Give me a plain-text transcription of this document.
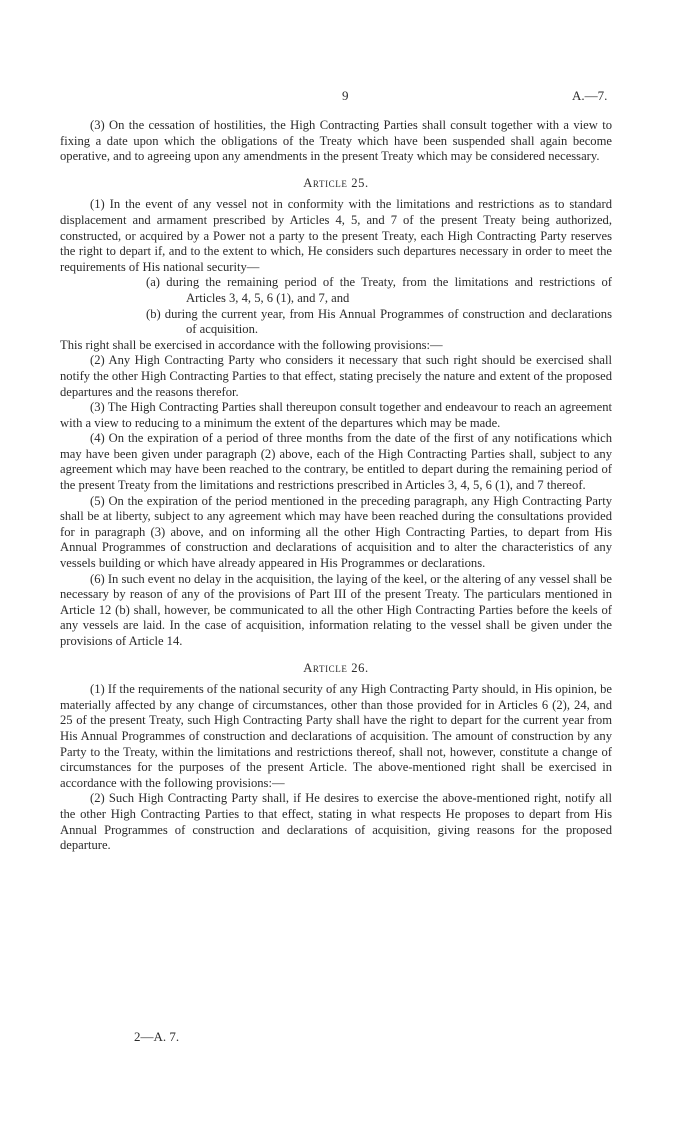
9	A.—7.

(3) On the cessation of hostilities, the High Contracting Parties shall consult together with a view to fixing a date upon which the obligations of the Treaty which have been suspended shall again become operative, and to agreeing upon any amendments in the present Treaty which may be considered necessary.

Article 25.

(1) In the event of any vessel not in conformity with the limitations and restrictions as to standard displacement and armament prescribed by Articles 4, 5, and 7 of the present Treaty being authorized, constructed, or acquired by a Power not a party to the present Treaty, each High Contracting Party reserves the right to depart if, and to the extent to which, He considers such departures necessary in order to meet the requirements of His national security—

(a) during the remaining period of the Treaty, from the limitations and restrictions of Articles 3, 4, 5, 6 (1), and 7, and

(b) during the current year, from His Annual Programmes of construction and declarations of acquisition.

This right shall be exercised in accordance with the following provisions:—

(2) Any High Contracting Party who considers it necessary that such right should be exercised shall notify the other High Contracting Parties to that effect, stating precisely the nature and extent of the proposed departures and the reasons therefor.

(3) The High Contracting Parties shall thereupon consult together and endeavour to reach an agreement with a view to reducing to a minimum the extent of the departures which may be made.

(4) On the expiration of a period of three months from the date of the first of any notifications which may have been given under paragraph (2) above, each of the High Contracting Parties shall, subject to any agreement which may have been reached to the contrary, be entitled to depart during the remaining period of the present Treaty from the limitations and restrictions prescribed in Articles 3, 4, 5, 6 (1), and 7 thereof.

(5) On the expiration of the period mentioned in the preceding paragraph, any High Contracting Party shall be at liberty, subject to any agreement which may have been reached during the consultations provided for in paragraph (3) above, and on informing all the other High Contracting Parties, to depart from His Annual Programmes of construction and declarations of acquisition and to alter the characteristics of any vessels building or which have already appeared in His Programmes or declarations.

(6) In such event no delay in the acquisition, the laying of the keel, or the altering of any vessel shall be necessary by reason of any of the provisions of Part III of the present Treaty. The particulars mentioned in Article 12 (b) shall, however, be communicated to all the other High Contracting Parties before the keels of any vessels are laid. In the case of acquisition, information relating to the vessel shall be given under the provisions of Article 14.

Article 26.

(1) If the requirements of the national security of any High Contracting Party should, in His opinion, be materially affected by any change of circumstances, other than those provided for in Articles 6 (2), 24, and 25 of the present Treaty, such High Contracting Party shall have the right to depart for the current year from His Annual Programmes of construction and declarations of acquisition. The amount of construction by any Party to the Treaty, within the limitations and restrictions thereof, shall not, however, constitute a change of circumstances for the purposes of the present Article. The above-mentioned right shall be exercised in accordance with the following provisions:—

(2) Such High Contracting Party shall, if He desires to exercise the above-mentioned right, notify all the other High Contracting Parties to that effect, stating in what respects He proposes to depart from His Annual Programmes of construction and declarations of acquisition, giving reasons for the proposed departure.

2—A. 7.
